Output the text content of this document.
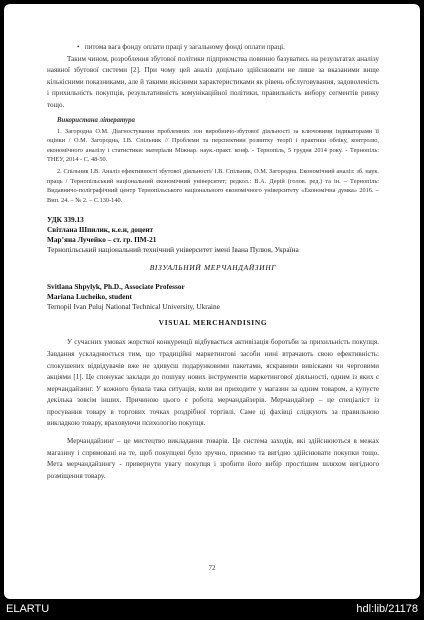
•   питома вага фонду оплати праці у загальному фонді оплати праці.

Таким чином, розроблення збутової політики підприємства повинно базуватись на результатах аналізу наявної збутової системи [2]. При чому цей аналіз доцільно здійснювати не лише за вказаними вище кількісними показниками, але й такими якісними характеристиками як рівень обслуговування, задоволеність і прихильність покупців, результативність комунікаційної політики, правильність вибору сегментів ринку тощо.

Використана література

1. Загородна О.М. Діагностування проблемних зон виробничо-збутової діяльності за ключовими індикаторами її оцінки / О.М. Загородна, І.В. Спільник // Проблеми та перспективи розвитку теорії і практики обліку, контролю, економічного аналізу і статистики: матеріали Міжнар. наук.-практ. конф. - Тернопіль, 5 грудня 2014 року. - Тернопіль: ТНЕУ, 2014 - С. 48-50.

2. Спільник І.В. Аналіз ефективності збутової діяльності/ І.В. Спільник, О.М. Загородна. Економічний аналіз: зб. наук. праць / Тернопільський національний економічний університет; редкол.: В.А. Дерій (голов. ред.) та ін. – Тернопіль: Видавничо-поліграфічний центр Тернопільського національного економічного університету «Економічна думка» 2016. – Вип. 24. – № 2. – С.130-140.

УДК 339.13

Світлана Шпилик, к.е.н, доцент

Мар’яна Лучейко – ст. гр. ПМ-21

Тернопільський національний технічний університет імені Івана Пулюя, Україна

ВІЗУАЛЬНИЙ МЕРЧАНДАЙЗИНГ

Svitlana Shpylyk, Ph.D., Associate Professor

Mariana Lucheiko, student

Ternopil Ivan Puluj National Technical University, Ukraine

VISUAL MERCHANDISING

У сучасних умовах жорсткої конкуренції відбувається активізація боротьби за прихильність покупця. Завдання ускладнюється тим, що традиційні маркетингові засоби нині втрачають свою ефективність: спокушених відвідувачів вже не здивуєш подарунковими пакетами, яскравими вивісками чи черговими акціями [1]. Це спонукає заклади до пошуку нових інструментів маркетингової діяльності, одним із яких є мерчандайзинг. У кожного бувала така ситуація, коли ви приходите у магазин за одним товаром, а купуєте декілька зовсім інших. Причиною цього є робота мерчандайзерів. Мерчандайзер – це спеціаліст із просування товару в торгових точках роздрібної торгівлі. Саме ці фахівці слідкують за правильною викладкою товару, враховуючи психологію покупця.

Мерчандайзинг – це мистецтво викладання товарів. Це система заходів, які здійснюються в межах магазину і спрямовані на те, щоб покупцеві було зручно, приємно та вигідно здійснювати покупки тощо. Мета мерчандайзингу - привернути увагу покупця і зробити його вибір простішим шляхом вигідного розміщення товару.

72
ELARTU	hdl:lib/21178
